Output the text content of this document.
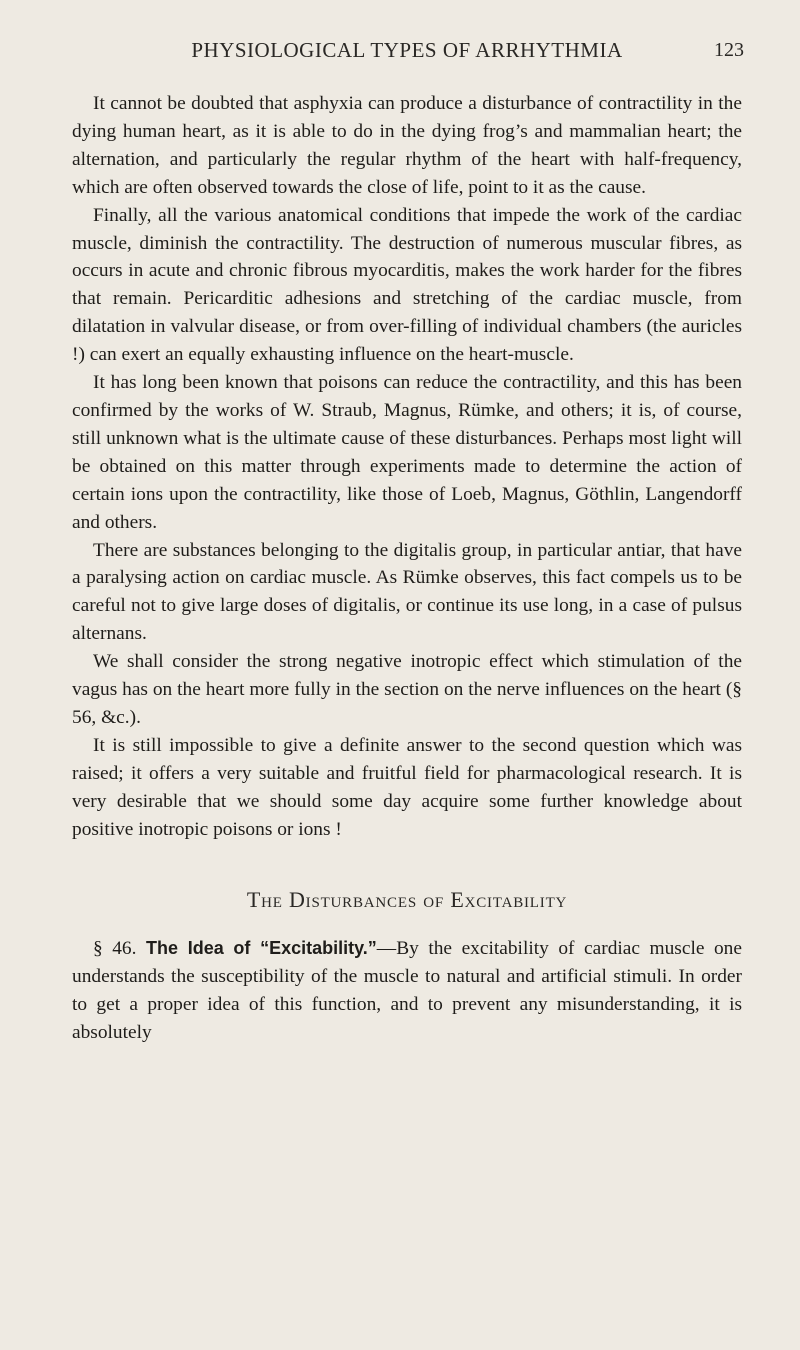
PHYSIOLOGICAL TYPES OF ARRHYTHMIA	123

It cannot be doubted that asphyxia can produce a disturbance of contractility in the dying human heart, as it is able to do in the dying frog’s and mammalian heart; the alternation, and particularly the regular rhythm of the heart with half-frequency, which are often observed towards the close of life, point to it as the cause.

Finally, all the various anatomical conditions that impede the work of the cardiac muscle, diminish the contractility. The destruction of numerous muscular fibres, as occurs in acute and chronic fibrous myocarditis, makes the work harder for the fibres that remain. Pericarditic adhesions and stretching of the cardiac muscle, from dilatation in valvular disease, or from over-filling of individual chambers (the auricles !) can exert an equally exhausting influence on the heart-muscle.

It has long been known that poisons can reduce the contractility, and this has been confirmed by the works of W. Straub, Magnus, Rümke, and others; it is, of course, still unknown what is the ultimate cause of these disturbances. Perhaps most light will be obtained on this matter through experiments made to determine the action of certain ions upon the contractility, like those of Loeb, Magnus, Göthlin, Langendorff and others.

There are substances belonging to the digitalis group, in particular antiar, that have a paralysing action on cardiac muscle. As Rümke observes, this fact compels us to be careful not to give large doses of digitalis, or continue its use long, in a case of pulsus alternans.

We shall consider the strong negative inotropic effect which stimulation of the vagus has on the heart more fully in the section on the nerve influences on the heart (§ 56, &c.).

It is still impossible to give a definite answer to the second question which was raised; it offers a very suitable and fruitful field for pharmacological research. It is very desirable that we should some day acquire some further knowledge about positive inotropic poisons or ions !

The Disturbances of Excitability

§ 46. The Idea of “Excitability.”—By the excitability of cardiac muscle one understands the susceptibility of the muscle to natural and artificial stimuli. In order to get a proper idea of this function, and to prevent any misunderstanding, it is absolutely
